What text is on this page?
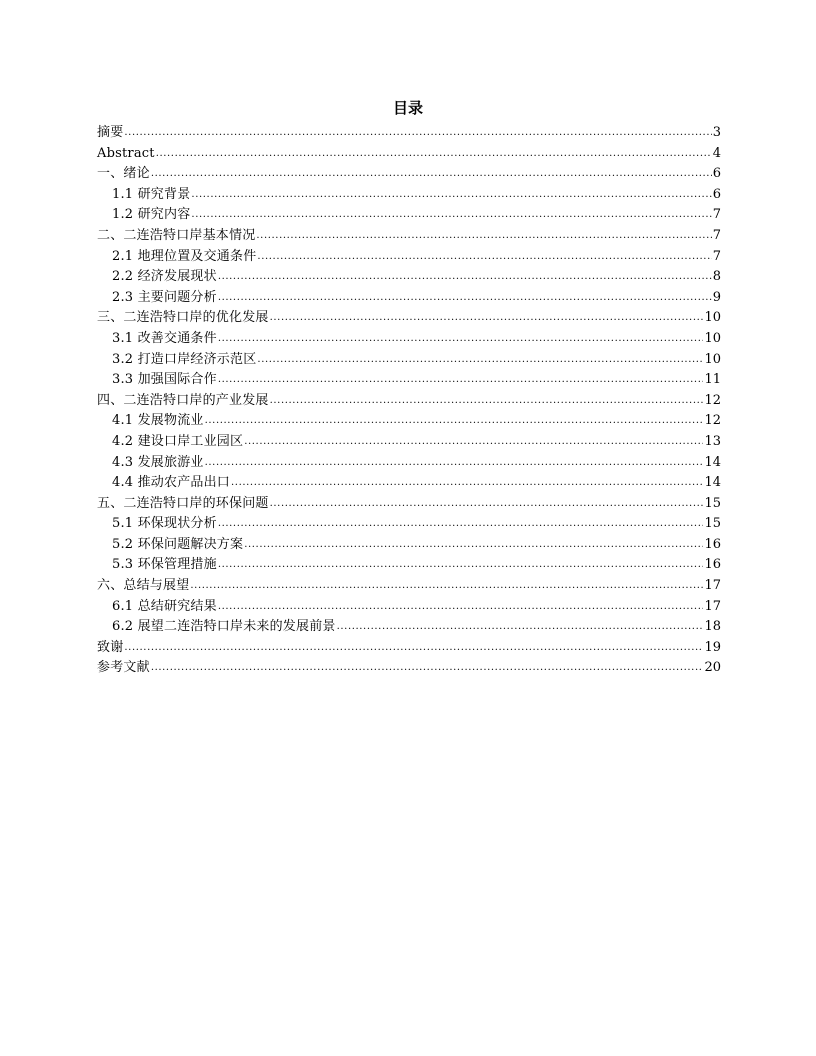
目录
摘要 .....	3
Abstract .....	4
一、绪论 .....	6
1.1 研究背景 .....	6
1.2 研究内容 .....	7
二、二连浩特口岸基本情况 .....	7
2.1 地理位置及交通条件 .....	7
2.2 经济发展现状 .....	8
2.3 主要问题分析 .....	9
三、二连浩特口岸的优化发展 .....	10
3.1 改善交通条件 .....	10
3.2 打造口岸经济示范区 .....	10
3.3 加强国际合作 .....	11
四、二连浩特口岸的产业发展 .....	12
4.1 发展物流业 .....	12
4.2 建设口岸工业园区 .....	13
4.3 发展旅游业 .....	14
4.4 推动农产品出口 .....	14
五、二连浩特口岸的环保问题 .....	15
5.1 环保现状分析 .....	15
5.2 环保问题解决方案 .....	16
5.3 环保管理措施 .....	16
六、总结与展望 .....	17
6.1 总结研究结果 .....	17
6.2 展望二连浩特口岸未来的发展前景 .....	18
致谢 .....	19
参考文献 .....	20
